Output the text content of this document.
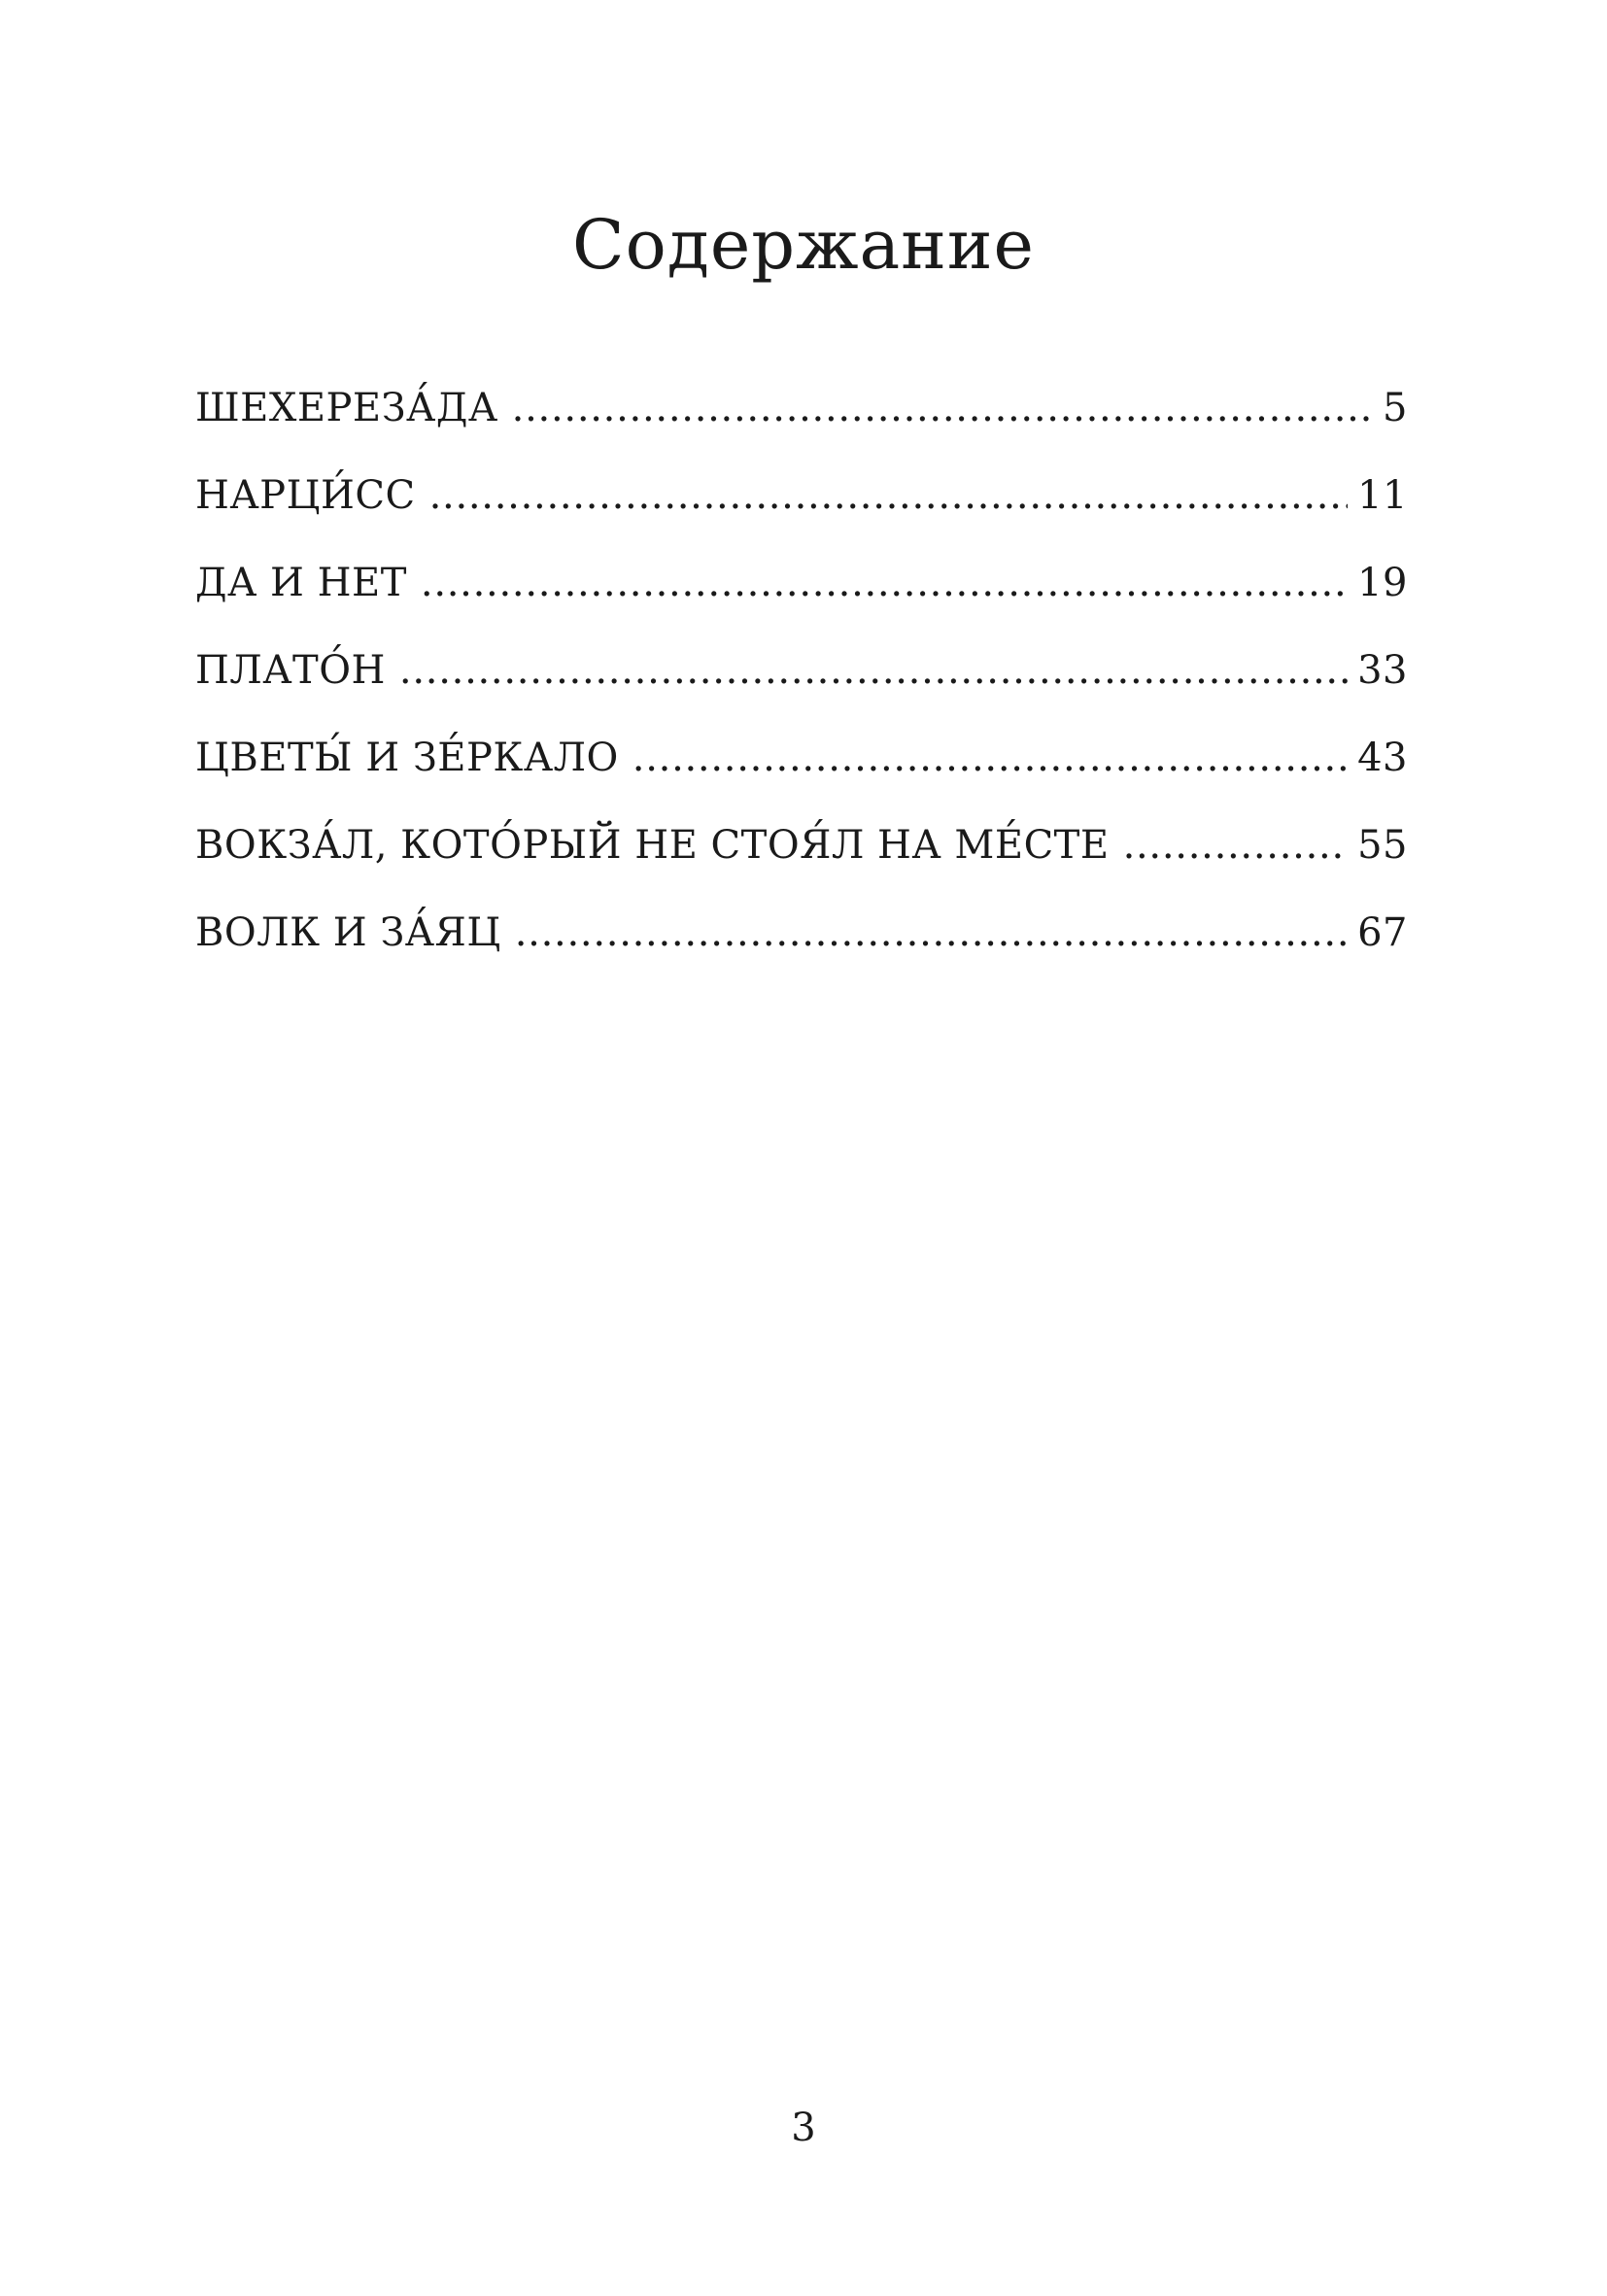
Содержание
ШЕХЕРЕЗА́ДА . . .	5
НАРЦИ́СС . . .	11
ДА И НЕТ . . .	19
ПЛАТО́Н . . .	33
ЦВЕТЫ́ И ЗЕ́РКАЛО . . .	43
ВОКЗА́Л, КОТО́РЫЙ НЕ СТОЯ́Л НА МЕ́СТЕ . . .	55
ВОЛК И ЗА́ЯЦ . . .	67
3
